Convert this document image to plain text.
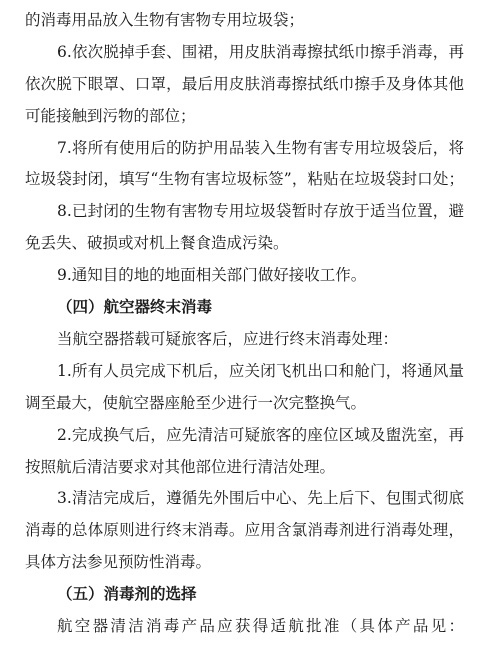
的消毒用品放入生物有害物专用垃圾袋；
6.依次脱掉手套、围裙，用皮肤消毒擦拭纸巾擦手消毒，再
依次脱下眼罩、口罩，最后用皮肤消毒擦拭纸巾擦手及身体其他
可能接触到污物的部位；
7.将所有使用后的防护用品装入生物有害专用垃圾袋后，将
垃圾袋封闭，填写“生物有害垃圾标签”，粘贴在垃圾袋封口处；
8.已封闭的生物有害物专用垃圾袋暂时存放于适当位置，避
免丢失、破损或对机上餐食造成污染。
9.通知目的地的地面相关部门做好接收工作。
（四）航空器终末消毒
当航空器搭载可疑旅客后，应进行终末消毒处理：
1.所有人员完成下机后，应关闭飞机出口和舱门，将通风量
调至最大，使航空器座舱至少进行一次完整换气。
2.完成换气后，应先清洁可疑旅客的座位区域及盥洗室，再
按照航后清洁要求对其他部位进行清洁处理。
3.清洁完成后，遵循先外围后中心、先上后下、包围式彻底
消毒的总体原则进行终末消毒。应用含氯消毒剂进行消毒处理，
具体方法参见预防性消毒。
（五）消毒剂的选择
航空器清洁消毒产品应获得适航批准（具体产品见：
